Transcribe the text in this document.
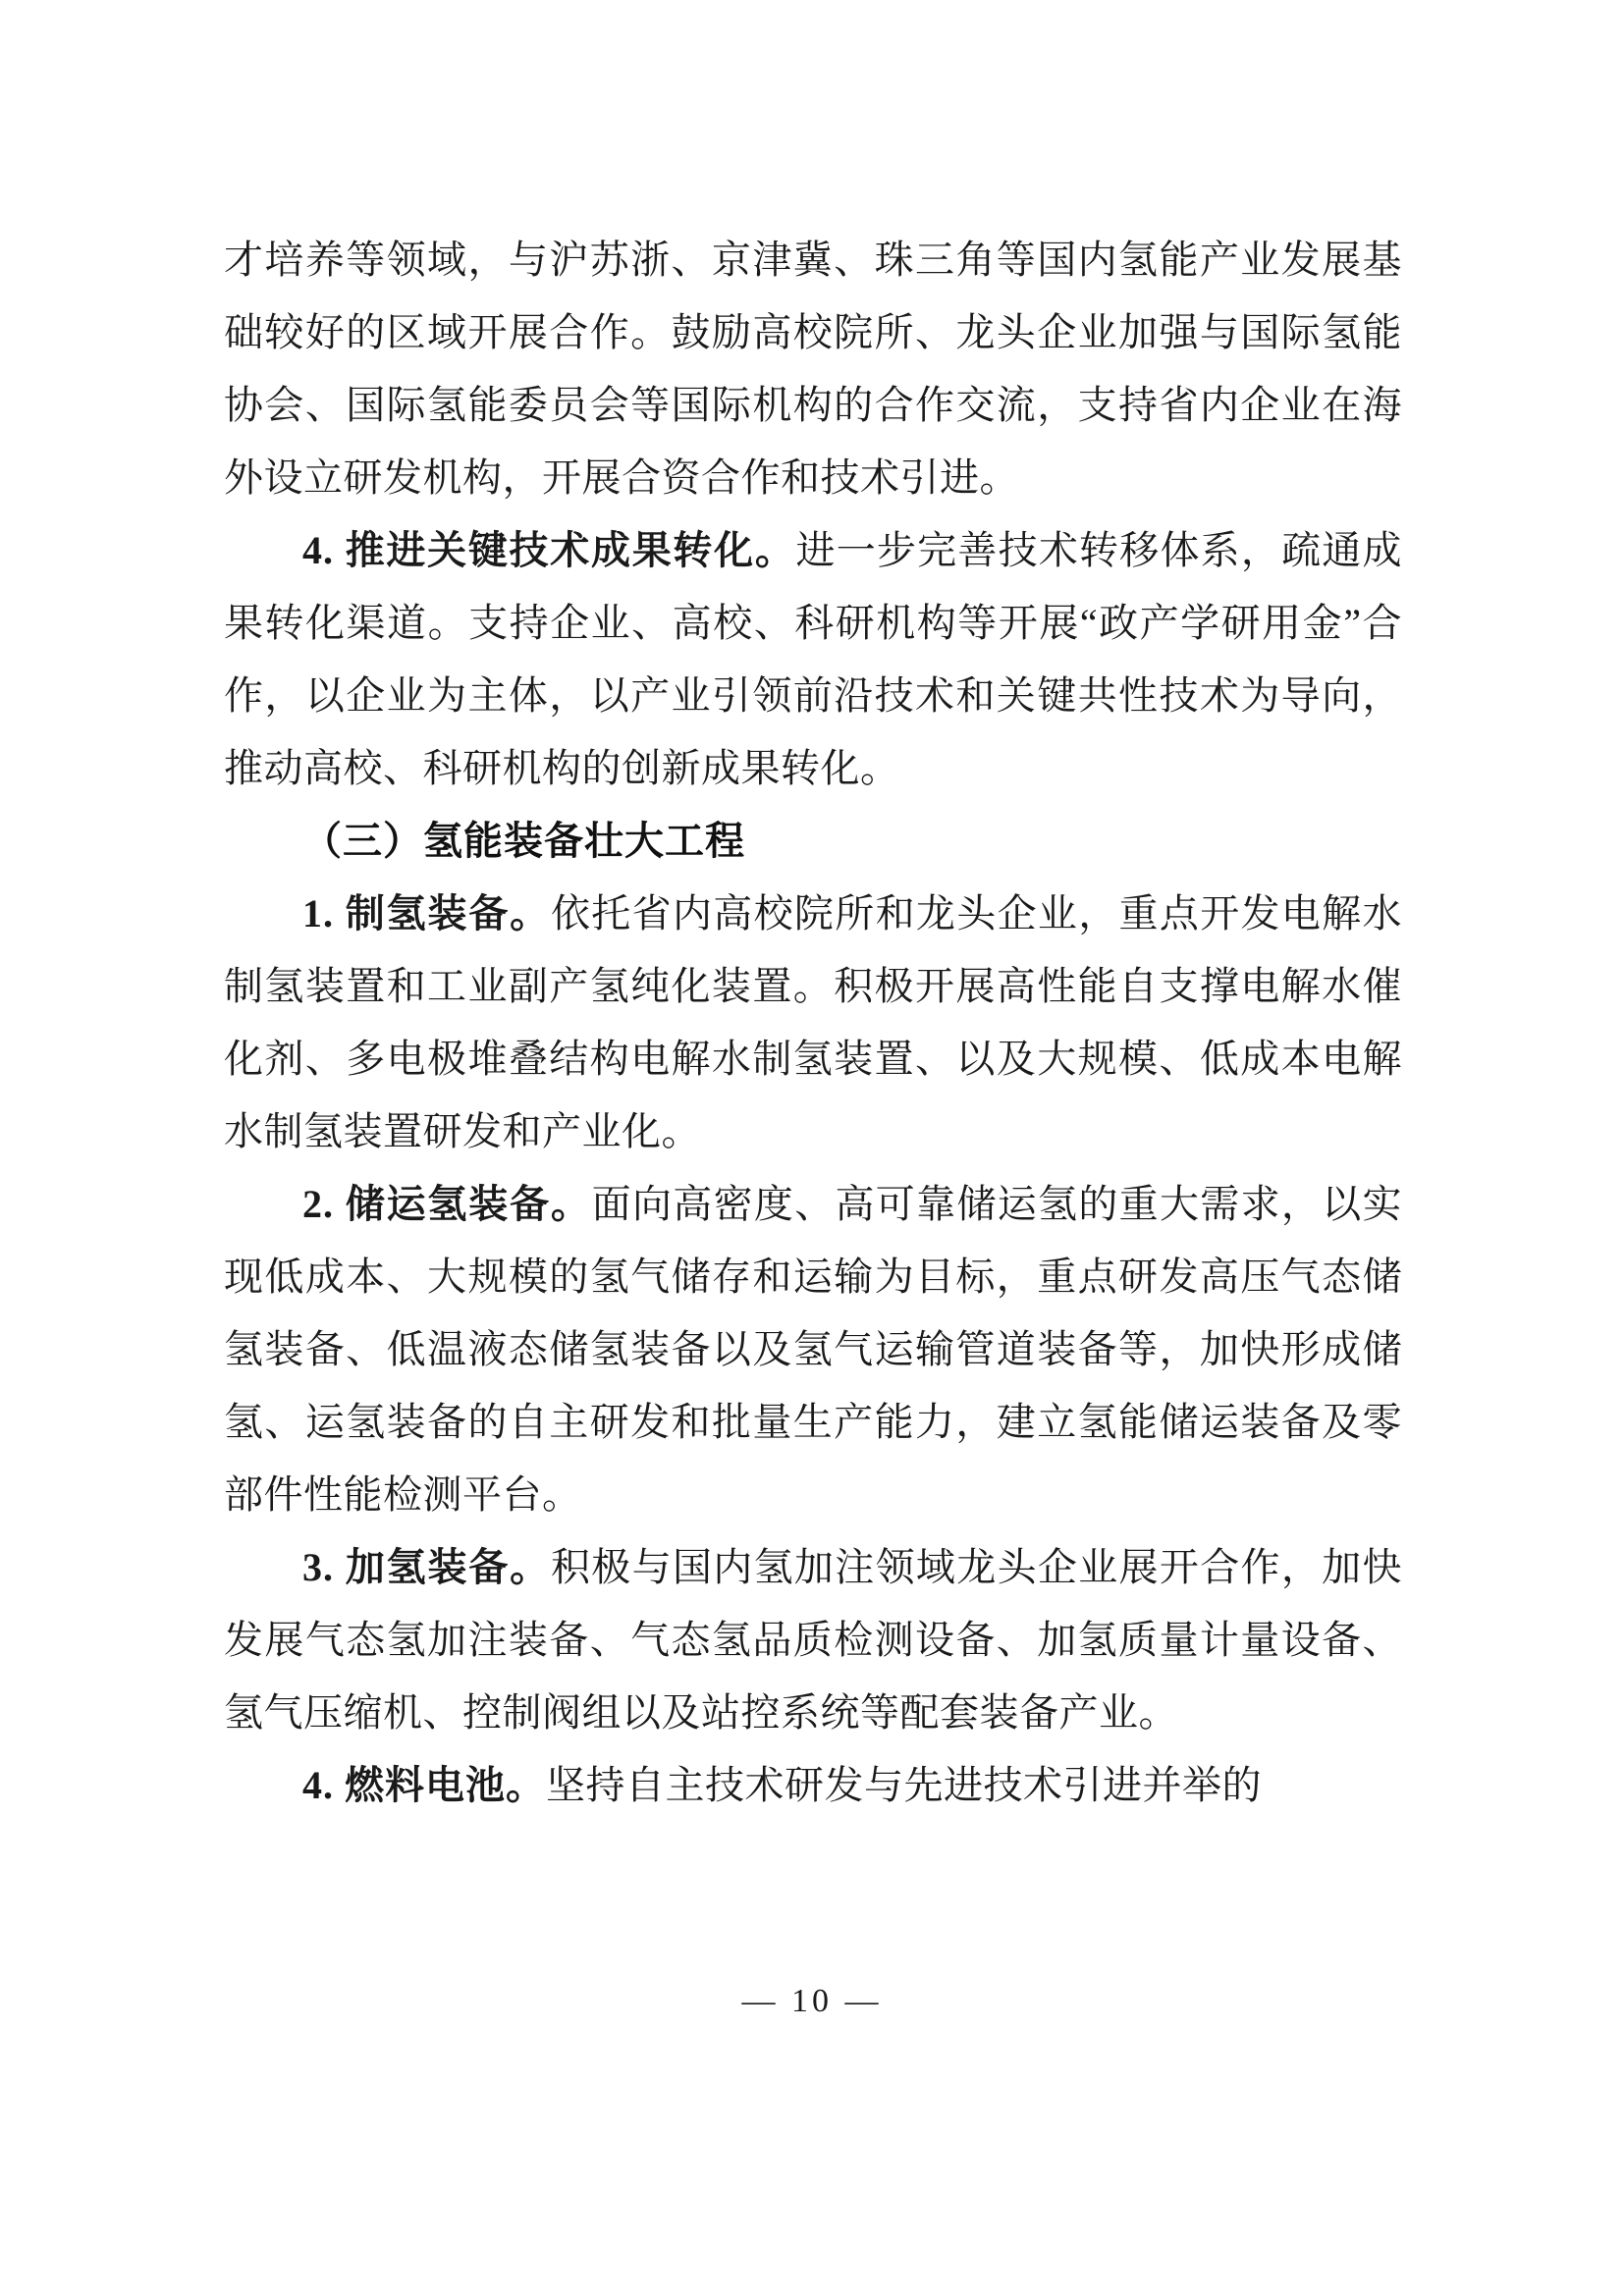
才培养等领域，与沪苏浙、京津冀、珠三角等国内氢能产业发展基础较好的区域开展合作。鼓励高校院所、龙头企业加强与国际氢能协会、国际氢能委员会等国际机构的合作交流，支持省内企业在海外设立研发机构，开展合资合作和技术引进。

4. 推进关键技术成果转化。进一步完善技术转移体系，疏通成果转化渠道。支持企业、高校、科研机构等开展“政产学研用金”合作，以企业为主体，以产业引领前沿技术和关键共性技术为导向，推动高校、科研机构的创新成果转化。

（三）氢能装备壮大工程

1. 制氢装备。依托省内高校院所和龙头企业，重点开发电解水制氢装置和工业副产氢纯化装置。积极开展高性能自支撑电解水催化剂、多电极堆叠结构电解水制氢装置、以及大规模、低成本电解水制氢装置研发和产业化。

2. 储运氢装备。面向高密度、高可靠储运氢的重大需求，以实现低成本、大规模的氢气储存和运输为目标，重点研发高压气态储氢装备、低温液态储氢装备以及氢气运输管道装备等，加快形成储氢、运氢装备的自主研发和批量生产能力，建立氢能储运装备及零部件性能检测平台。

3. 加氢装备。积极与国内氢加注领域龙头企业展开合作，加快发展气态氢加注装备、气态氢品质检测设备、加氢质量计量设备、氢气压缩机、控制阀组以及站控系统等配套装备产业。

4. 燃料电池。坚持自主技术研发与先进技术引进并举的

— 10 —
